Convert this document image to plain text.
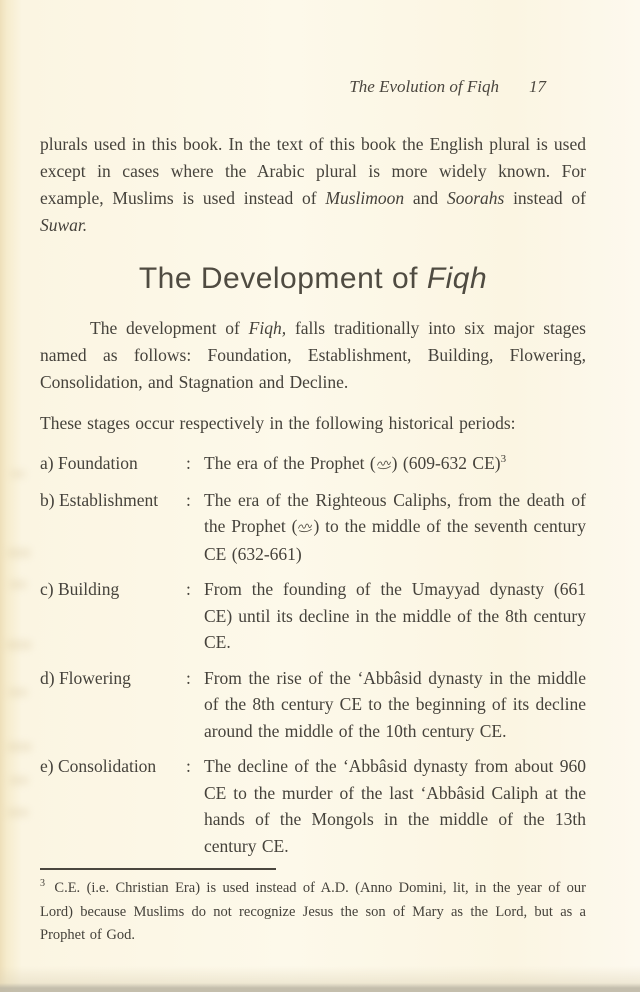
The Evolution of Fiqh 17

plurals used in this book. In the text of this book the English plural is used except in cases where the Arabic plural is more widely known. For example, Muslims is used instead of Muslimoon and Soorahs instead of Suwar.

The Development of Fiqh

The development of Fiqh, falls traditionally into six major stages named as follows: Foundation, Establishment, Building, Flowering, Consolidation, and Stagnation and Decline.

These stages occur respectively in the following historical periods:

a) Foundation	: The era of the Prophet ( ) (609-632 CE)$^3$

b) Establishment	: The era of the Righteous Caliphs, from the death of the Prophet ( ) to the middle of the seventh century CE (632-661)

c) Building	: From the founding of the Umayyad dynasty (661 CE) until its decline in the middle of the 8th century CE.

d) Flowering	: From the rise of the ‘Abbâsid dynasty in the middle of the 8th century CE to the beginning of its decline around the middle of the 10th century CE.

e) Consolidation	: The decline of the ‘Abbâsid dynasty from about 960 CE to the murder of the last ‘Abbâsid Caliph at the hands of the Mongols in the middle of the 13th century CE.

$^3$ C.E. (i.e. Christian Era) is used instead of A.D. (Anno Domini, lit, in the year of our Lord) because Muslims do not recognize Jesus the son of Mary as the Lord, but as a Prophet of God.
